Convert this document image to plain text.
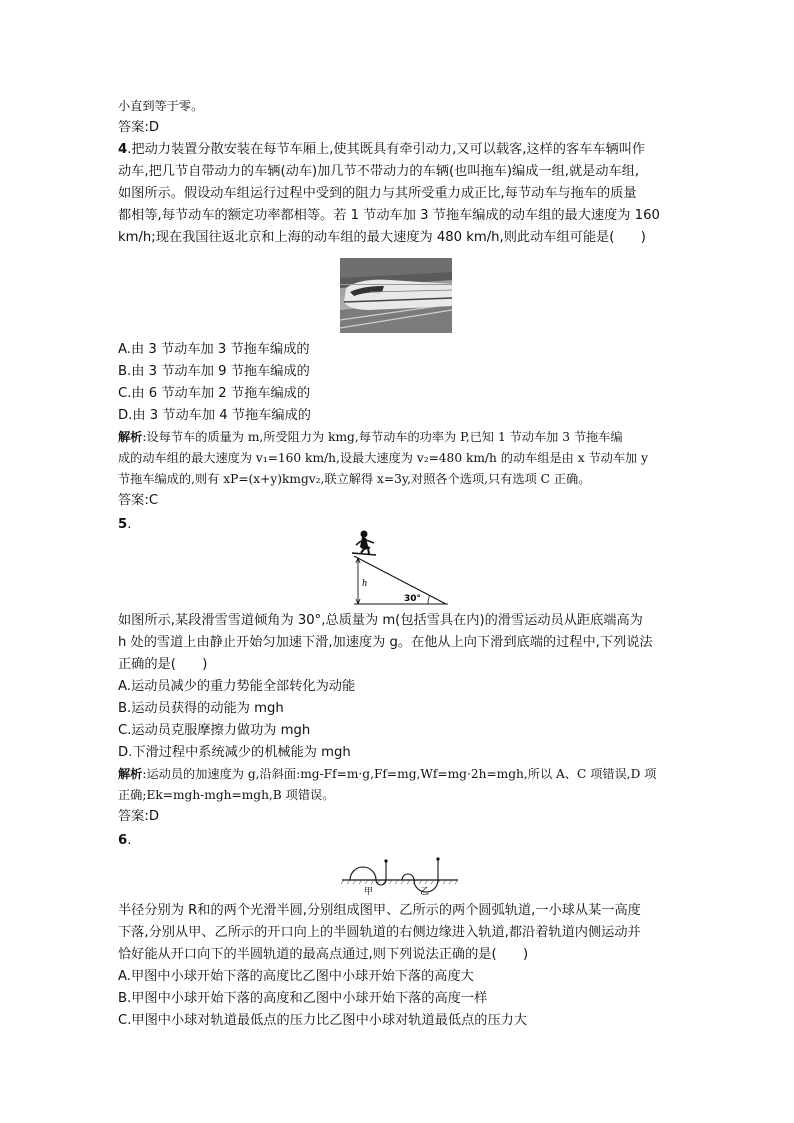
小直到等于零。
答案:D
4.把动力装置分散安装在每节车厢上,使其既具有牵引动力,又可以载客,这样的客车车辆叫作
动车,把几节自带动力的车辆(动车)加几节不带动力的车辆(也叫拖车)编成一组,就是动车组,
如图所示。假设动车组运行过程中受到的阻力与其所受重力成正比,每节动车与拖车的质量
都相等,每节动车的额定功率都相等。若 1 节动车加 3 节拖车编成的动车组的最大速度为 160
km/h;现在我国往返北京和上海的动车组的最大速度为 480 km/h,则此动车组可能是(　　)
A.由 3 节动车加 3 节拖车编成的
B.由 3 节动车加 9 节拖车编成的
C.由 6 节动车加 2 节拖车编成的
D.由 3 节动车加 4 节拖车编成的
解析:设每节车的质量为 m,所受阻力为 kmg,每节动车的功率为 P,已知 1 节动车加 3 节拖车编
成的动车组的最大速度为 v₁=160 km/h,设最大速度为 v₂=480 km/h 的动车组是由 x 节动车加 y
节拖车编成的,则有 xP=(x+y)kmgv₂,联立解得 x=3y,对照各个选项,只有选项 C 正确。
答案:C
5.
h
30°
如图所示,某段滑雪雪道倾角为 30°,总质量为 m(包括雪具在内)的滑雪运动员从距底端高为
h 处的雪道上由静止开始匀加速下滑,加速度为 g。在他从上向下滑到底端的过程中,下列说法
正确的是(　　)
A.运动员减少的重力势能全部转化为动能
B.运动员获得的动能为 mgh
C.运动员克服摩擦力做功为 mgh
D.下滑过程中系统减少的机械能为 mgh
解析:运动员的加速度为 g,沿斜面:mg-Ff=m·g,Ff=mg,Wf=mg·2h=mgh,所以 A、C 项错误,D 项
正确;Ek=mgh-mgh=mgh,B 项错误。
答案:D
6.
甲	乙
半径分别为 R和的两个光滑半圆,分别组成图甲、乙所示的两个圆弧轨道,一小球从某一高度
下落,分别从甲、乙所示的开口向上的半圆轨道的右侧边缘进入轨道,都沿着轨道内侧运动并
恰好能从开口向下的半圆轨道的最高点通过,则下列说法正确的是(　　)
A.甲图中小球开始下落的高度比乙图中小球开始下落的高度大
B.甲图中小球开始下落的高度和乙图中小球开始下落的高度一样
C.甲图中小球对轨道最低点的压力比乙图中小球对轨道最低点的压力大
